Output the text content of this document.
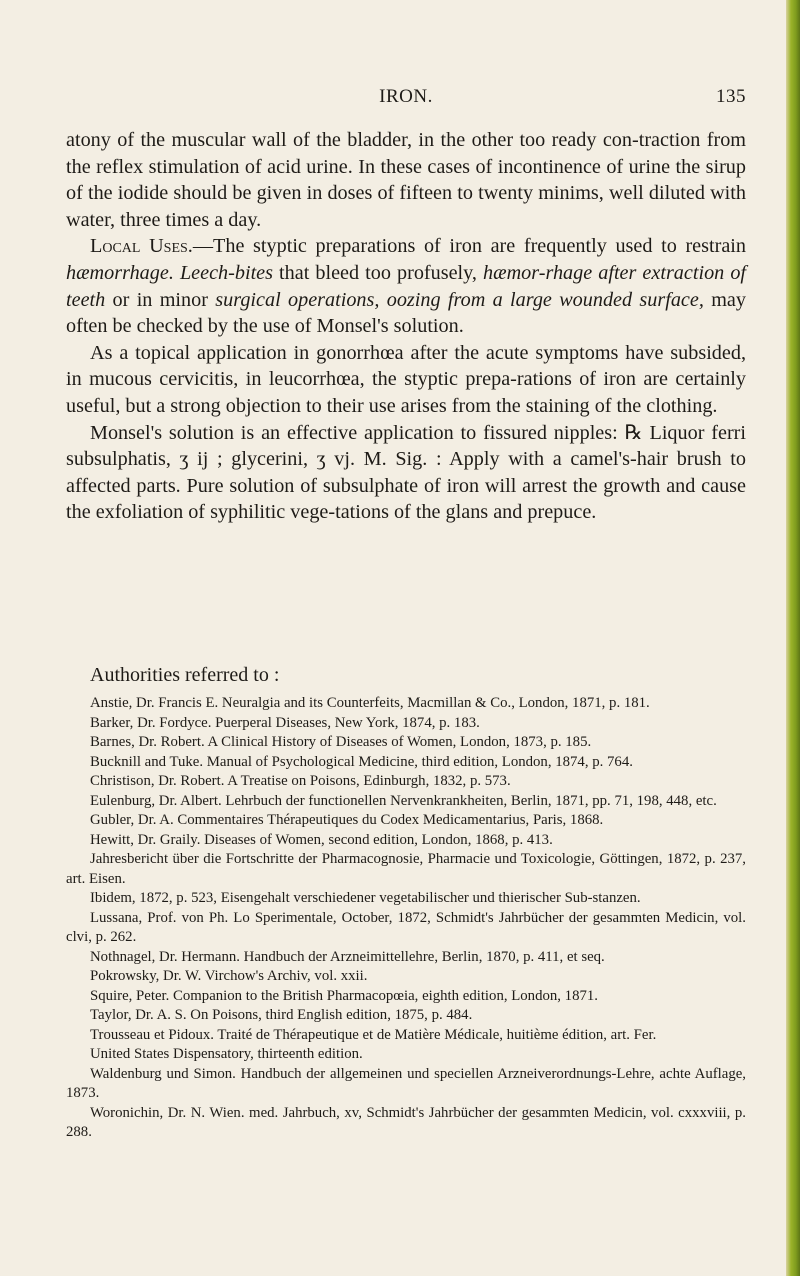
IRON.	135

atony of the muscular wall of the bladder, in the other too ready con-traction from the reflex stimulation of acid urine. In these cases of incontinence of urine the sirup of the iodide should be given in doses of fifteen to twenty minims, well diluted with water, three times a day.

Local Uses.—The styptic preparations of iron are frequently used to restrain hæmorrhage. Leech-bites that bleed too profusely, hæmor-rhage after extraction of teeth or in minor surgical operations, oozing from a large wounded surface, may often be checked by the use of Monsel's solution.

As a topical application in gonorrhœa after the acute symptoms have subsided, in mucous cervicitis, in leucorrhœa, the styptic prepa-rations of iron are certainly useful, but a strong objection to their use arises from the staining of the clothing.

Monsel's solution is an effective application to fissured nipples: ℞ Liquor ferri subsulphatis, ʒ ij ; glycerini, ʒ vj. M. Sig. : Apply with a camel's-hair brush to affected parts. Pure solution of subsulphate of iron will arrest the growth and cause the exfoliation of syphilitic vege-tations of the glans and prepuce.

Authorities referred to :

Anstie, Dr. Francis E. Neuralgia and its Counterfeits, Macmillan & Co., London, 1871, p. 181.

Barker, Dr. Fordyce. Puerperal Diseases, New York, 1874, p. 183.

Barnes, Dr. Robert. A Clinical History of Diseases of Women, London, 1873, p. 185.

Bucknill and Tuke. Manual of Psychological Medicine, third edition, London, 1874, p. 764.

Christison, Dr. Robert. A Treatise on Poisons, Edinburgh, 1832, p. 573.

Eulenburg, Dr. Albert. Lehrbuch der functionellen Nervenkrankheiten, Berlin, 1871, pp. 71, 198, 448, etc.

Gubler, Dr. A. Commentaires Thérapeutiques du Codex Medicamentarius, Paris, 1868.

Hewitt, Dr. Graily. Diseases of Women, second edition, London, 1868, p. 413.

Jahresbericht über die Fortschritte der Pharmacognosie, Pharmacie und Toxicologie, Göttingen, 1872, p. 237, art. Eisen.

Ibidem, 1872, p. 523, Eisengehalt verschiedener vegetabilischer und thierischer Sub-stanzen.

Lussana, Prof. von Ph. Lo Sperimentale, October, 1872, Schmidt's Jahrbücher der gesammten Medicin, vol. clvi, p. 262.

Nothnagel, Dr. Hermann. Handbuch der Arzneimittellehre, Berlin, 1870, p. 411, et seq.

Pokrowsky, Dr. W. Virchow's Archiv, vol. xxii.

Squire, Peter. Companion to the British Pharmacopœia, eighth edition, London, 1871.

Taylor, Dr. A. S. On Poisons, third English edition, 1875, p. 484.

Trousseau et Pidoux. Traité de Thérapeutique et de Matière Médicale, huitième édition, art. Fer.

United States Dispensatory, thirteenth edition.

Waldenburg und Simon. Handbuch der allgemeinen und speciellen Arzneiverordnungs-Lehre, achte Auflage, 1873.

Woronichin, Dr. N. Wien. med. Jahrbuch, xv, Schmidt's Jahrbücher der gesammten Medicin, vol. cxxxviii, p. 288.
